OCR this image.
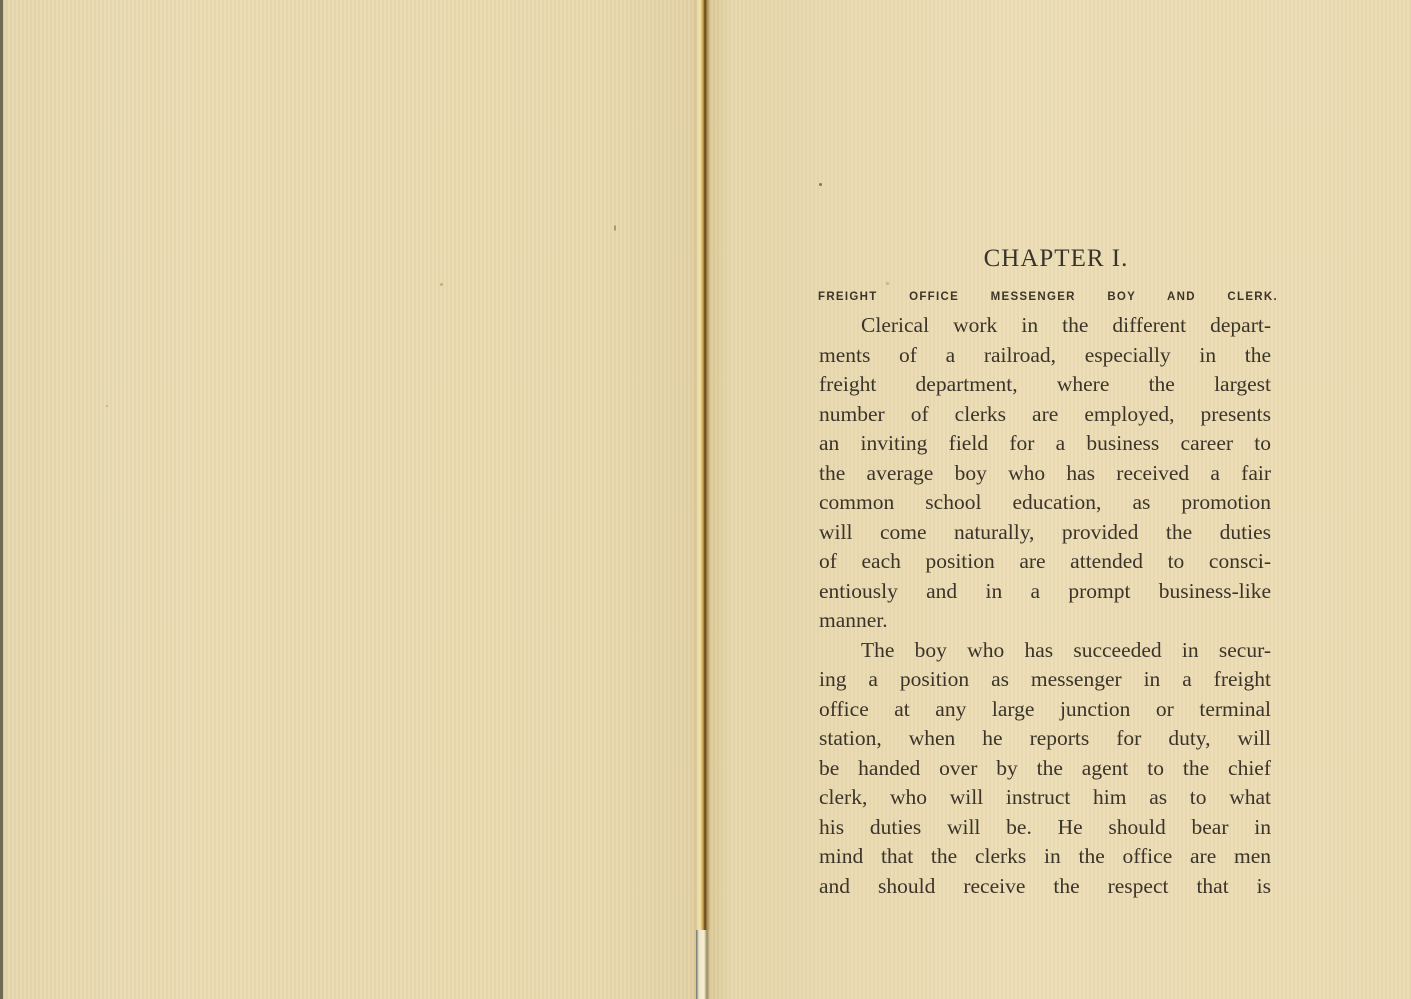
CHAPTER I.
FREIGHT OFFICE MESSENGER BOY AND CLERK.

Clerical work in the different depart-
ments of a railroad, especially in the
freight department, where the largest
number of clerks are employed, presents
an inviting field for a business career to
the average boy who has received a fair
common school education, as promotion
will come naturally, provided the duties
of each position are attended to consci-
entiously and in a prompt business-like
manner.

The boy who has succeeded in secur-
ing a position as messenger in a freight
office at any large junction or terminal
station, when he reports for duty, will
be handed over by the agent to the chief
clerk, who will instruct him as to what
his duties will be. He should bear in
mind that the clerks in the office are men
and should receive the respect that is
